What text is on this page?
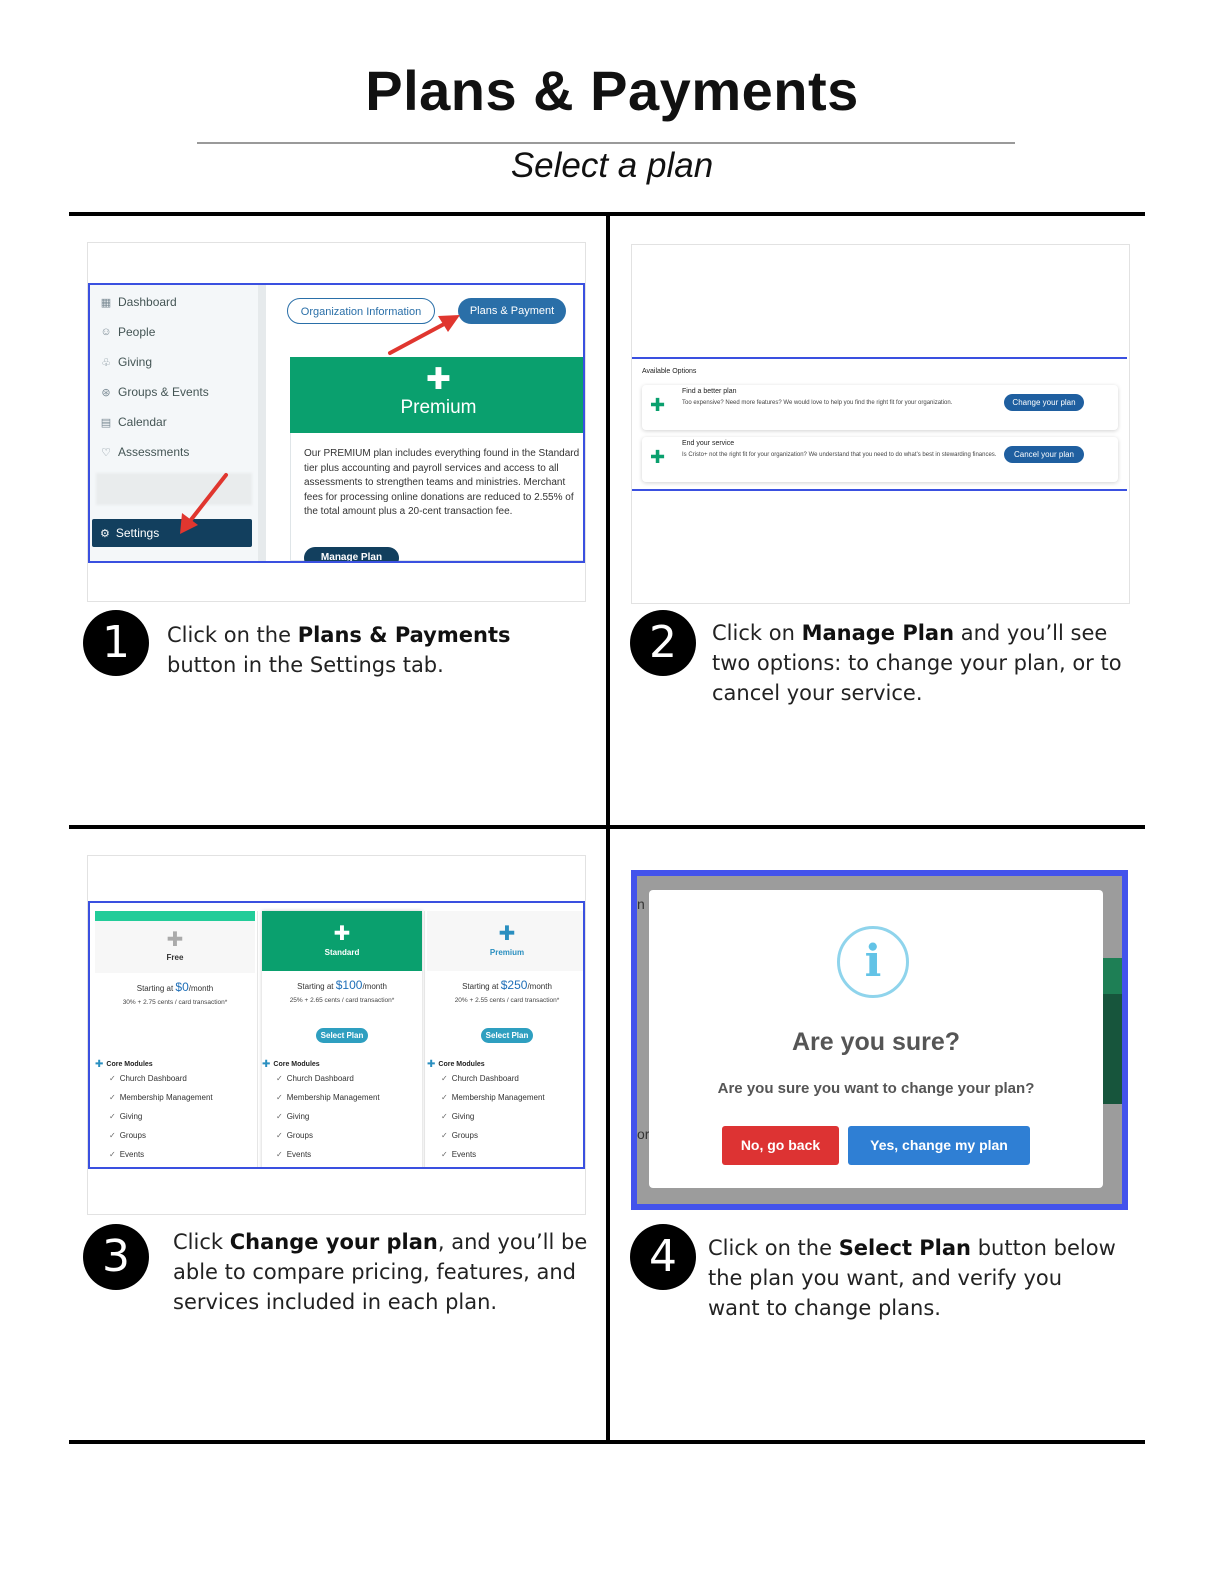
Plans & Payments
Select a plan
▦ Dashboard
☺ People
♧ Giving
⊛ Groups & Events
▤ Calendar
♡ Assessments
⚙ Settings
Organization Information	Plans & Payment
✚
Premium
Our PREMIUM plan includes everything found in the Standard tier plus accounting and payroll services and access to all assessments to strengthen teams and ministries. Merchant fees for processing online donations are reduced to 2.55% of the total amount plus a 20-cent transaction fee.
Manage Plan
Available Options
✚
Find a better plan
Too expensive? Need more features? We would love to help you find the right fit for your organization.	Change your plan
✚
End your service
Is Cristo+ not the right fit for your organization? We understand that you need to do what’s best in stewarding finances.	Cancel your plan
✚
Free
Starting at $0/month
30% + 2.75 cents / card transaction*
✚ Core Modules
✓ Church Dashboard
✓ Membership Management
✓ Giving
✓ Groups
✓ Events
✚
Standard
Starting at $100/month
25% + 2.65 cents / card transaction*
Select Plan
✚ Core Modules
✓ Church Dashboard
✓ Membership Management
✓ Giving
✓ Groups
✓ Events
✚
Premium
Starting at $250/month
20% + 2.55 cents / card transaction*
Select Plan
✚ Core Modules
✓ Church Dashboard
✓ Membership Management
✓ Giving
✓ Groups
✓ Events
n
or
i
Are you sure?
Are you sure you want to change your plan?
No, go back	Yes, change my plan
1	Click on the Plans & Payments button in the Settings tab.	2	Click on Manage Plan and you’ll see two options: to change your plan, or to cancel your service.
3	Click Change your plan, and you’ll be able to compare pricing, features, and services included in each plan.
4	Click on the Select Plan button below the plan you want, and verify you want to change plans.
